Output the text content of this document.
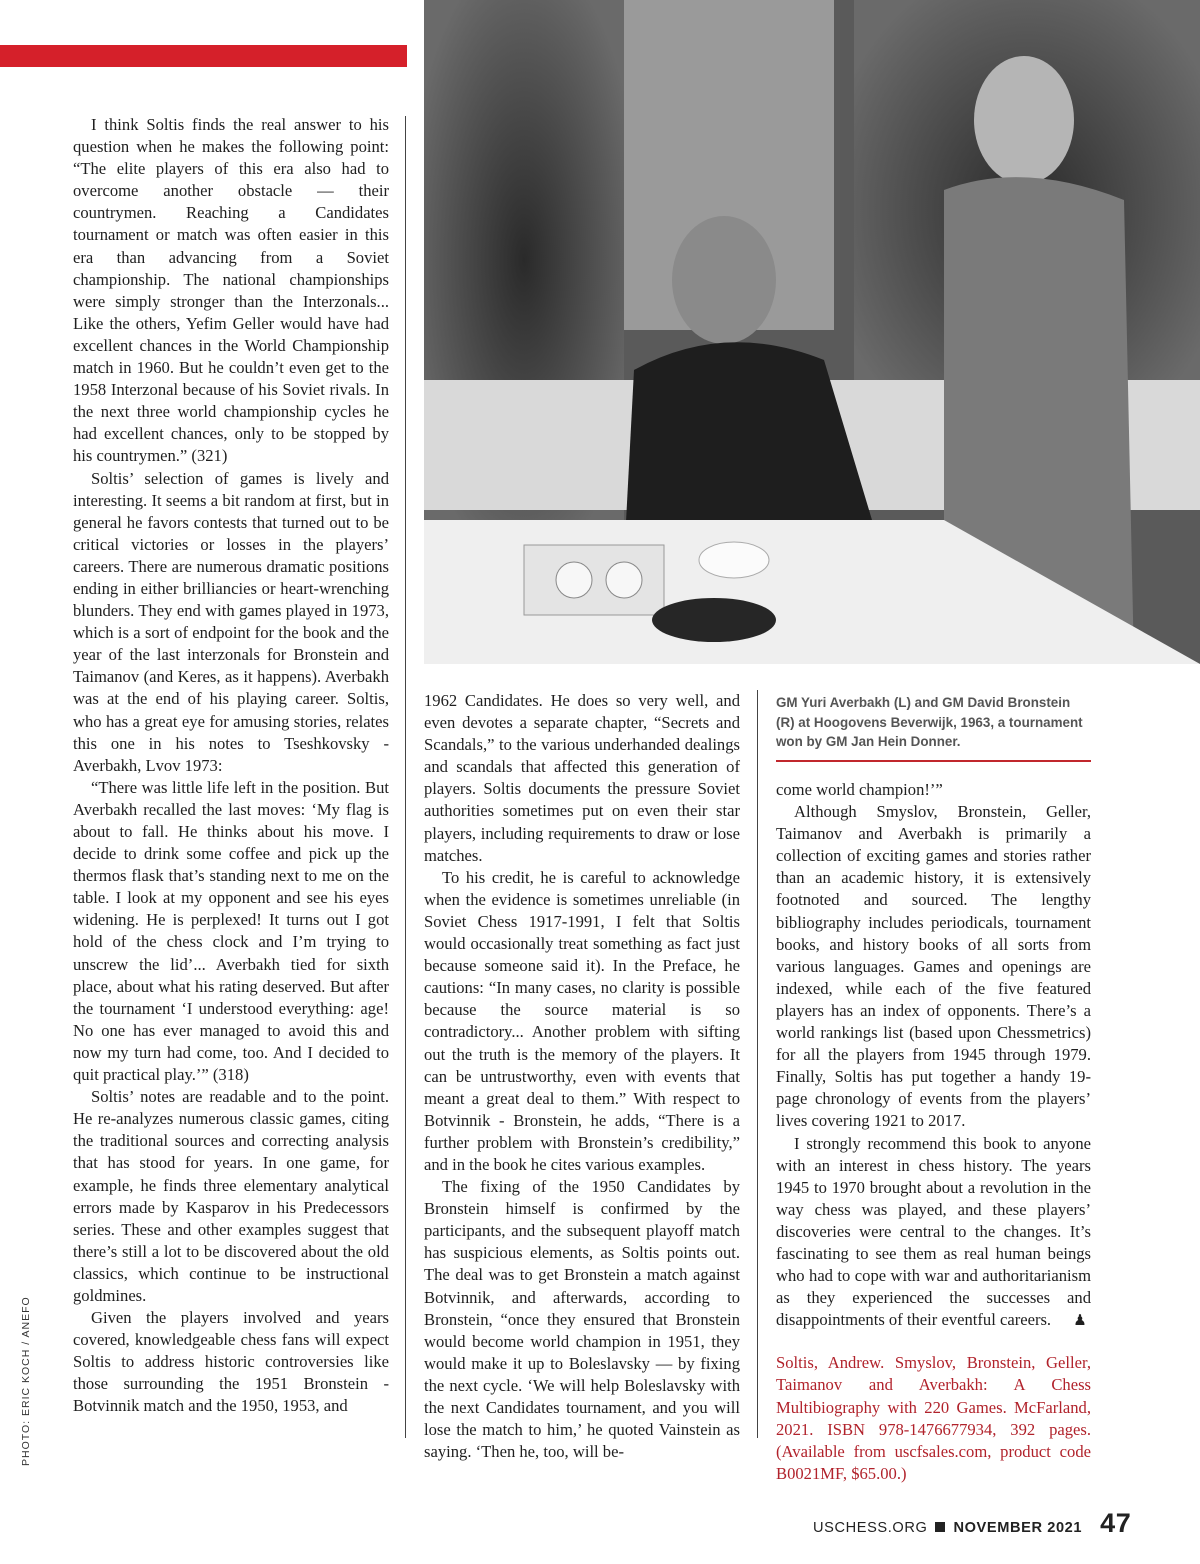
I think Soltis finds the real answer to his question when he makes the following point: “The elite players of this era also had to overcome another obstacle — their countrymen. Reaching a Candidates tournament or match was often easier in this era than advancing from a Soviet championship. The national championships were simply stronger than the Interzonals... Like the others, Yefim Geller would have had excellent chances in the World Championship match in 1960. But he couldn’t even get to the 1958 Interzonal because of his Soviet rivals. In the next three world championship cycles he had excellent chances, only to be stopped by his countrymen.” (321)

Soltis’ selection of games is lively and interesting. It seems a bit random at first, but in general he favors contests that turned out to be critical victories or losses in the players’ careers. There are numerous dramatic positions ending in either brilliancies or heart-wrenching blunders. They end with games played in 1973, which is a sort of endpoint for the book and the year of the last interzonals for Bronstein and Taimanov (and Keres, as it happens). Averbakh was at the end of his playing career. Soltis, who has a great eye for amusing stories, relates this one in his notes to Tseshkovsky - Averbakh, Lvov 1973:

“There was little life left in the position. But Averbakh recalled the last moves: ‘My flag is about to fall. He thinks about his move. I decide to drink some coffee and pick up the thermos flask that’s standing next to me on the table. I look at my opponent and see his eyes widening. He is perplexed! It turns out I got hold of the chess clock and I’m trying to unscrew the lid’... Averbakh tied for sixth place, about what his rating deserved. But after the tournament ‘I understood everything: age! No one has ever managed to avoid this and now my turn had come, too. And I decided to quit practical play.’” (318)

Soltis’ notes are readable and to the point. He re-analyzes numerous classic games, citing the traditional sources and correcting analysis that has stood for years. In one game, for example, he finds three elementary analytical errors made by Kasparov in his Predecessors series. These and other examples suggest that there’s still a lot to be discovered about the old classics, which continue to be instructional goldmines.

Given the players involved and years covered, knowledgeable chess fans will expect Soltis to address historic controversies like those surrounding the 1951 Bronstein - Botvinnik match and the 1950, 1953, and

1962 Candidates. He does so very well, and even devotes a separate chapter, “Secrets and Scandals,” to the various underhanded dealings and scandals that affected this generation of players. Soltis documents the pressure Soviet authorities sometimes put on even their star players, including requirements to draw or lose matches.

To his credit, he is careful to acknowledge when the evidence is sometimes unreliable (in Soviet Chess 1917-1991, I felt that Soltis would occasionally treat something as fact just because someone said it). In the Preface, he cautions: “In many cases, no clarity is possible because the source material is so contradictory... Another problem with sifting out the truth is the memory of the players. It can be untrustworthy, even with events that meant a great deal to them.” With respect to Botvinnik - Bronstein, he adds, “There is a further problem with Bronstein’s credibility,” and in the book he cites various examples.

The fixing of the 1950 Candidates by Bronstein himself is confirmed by the participants, and the subsequent playoff match has suspicious elements, as Soltis points out. The deal was to get Bronstein a match against Botvinnik, and afterwards, according to Bronstein, “once they ensured that Bronstein would become world champion in 1951, they would make it up to Boleslavsky — by fixing the next cycle. ‘We will help Boleslavsky with the next Candidates tournament, and you will lose the match to him,’ he quoted Vainstein as saying. ‘Then he, too, will be-

GM Yuri Averbakh (L) and GM David Bronstein (R) at Hoogovens Beverwijk, 1963, a tournament won by GM Jan Hein Donner.

come world champion!’”

Although Smyslov, Bronstein, Geller, Taimanov and Averbakh is primarily a collection of exciting games and stories rather than an academic history, it is extensively footnoted and sourced. The lengthy bibliography includes periodicals, tournament books, and history books of all sorts from various languages. Games and openings are indexed, while each of the five featured players has an index of opponents. There’s a world rankings list (based upon Chessmetrics) for all the players from 1945 through 1979. Finally, Soltis has put together a handy 19-page chronology of events from the players’ lives covering 1921 to 2017.

I strongly recommend this book to anyone with an interest in chess history. The years 1945 to 1970 brought about a revolution in the way chess was played, and these players’ discoveries were central to the changes. It’s fascinating to see them as real human beings who had to cope with war and authoritarianism as they experienced the successes and disappointments of their eventful careers. ♟

Soltis, Andrew. Smyslov, Bronstein, Geller, Taimanov and Averbakh: A Chess Multibiography with 220 Games. McFarland, 2021. ISBN 978-1476677934, 392 pages. (Available from uscfsales.com, product code B0021MF, $65.00.)
PHOTO: ERIC KOCH / ANEFO
USCHESS.ORG NOVEMBER 2021 47
